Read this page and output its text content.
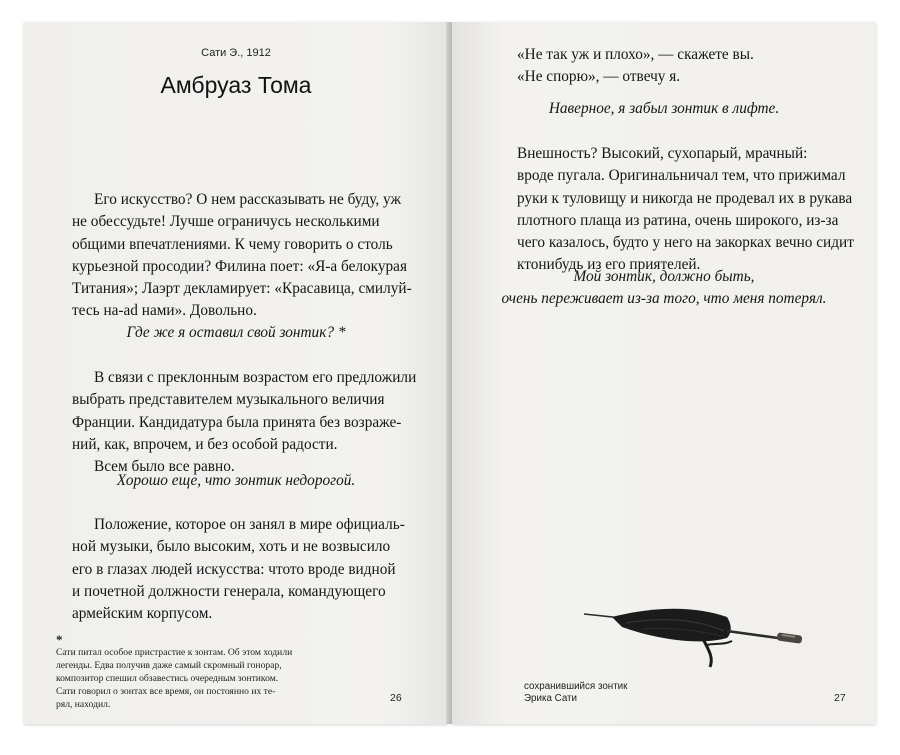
Сати Э., 1912
Амбруаз Тома
Его искусство? О нем рассказывать не буду, уж
не обессудьте! Лучше ограничусь несколькими
общими впечатлениями. К чему говорить о столь
курьезной просодии? Филина поет: «Я-а белокурая
Титания»; Лаэрт декламирует: «Красавица, смилуй-
тесь на-ad нами». Довольно.
Где же я оставил свой зонтик? *
В связи с преклонным возрастом его предложили
выбрать представителем музыкального величия
Франции. Кандидатура была принята без возраже-
ний, как, впрочем, и без особой радости.
Всем было все равно.
Хорошо еще, что зонтик недорогой.
Положение, которое он занял в мире официаль-
ной музыки, было высоким, хоть и не возвысило
его в глазах людей искусства: чтото вроде видной
и почетной должности генерала, командующего
армейским корпусом.
*
Сати питал особое пристрастие к зонтам. Об этом ходили
легенды. Едва получив даже самый скромный гонорар,
композитор спешил обзавестись очередным зонтиком.
Сати говорил о зонтах все время, он постоянно их те-
рял, находил.
26
«Не так уж и плохо», — скажете вы.
«Не спорю», — отвечу я.
Наверное, я забыл зонтик в лифте.
Внешность? Высокий, сухопарый, мрачный:
вроде пугала. Оригинальничал тем, что прижимал
руки к туловищу и никогда не продевал их в рукава
плотного плаща из ратина, очень широкого, из-за
чего казалось, будто у него на закорках вечно сидит
ктонибудь из его приятелей.
Мой зонтик, должно быть,
очень переживает из-за того, что меня потерял.
сохранившийся зонтик
Эрика Сати	27
